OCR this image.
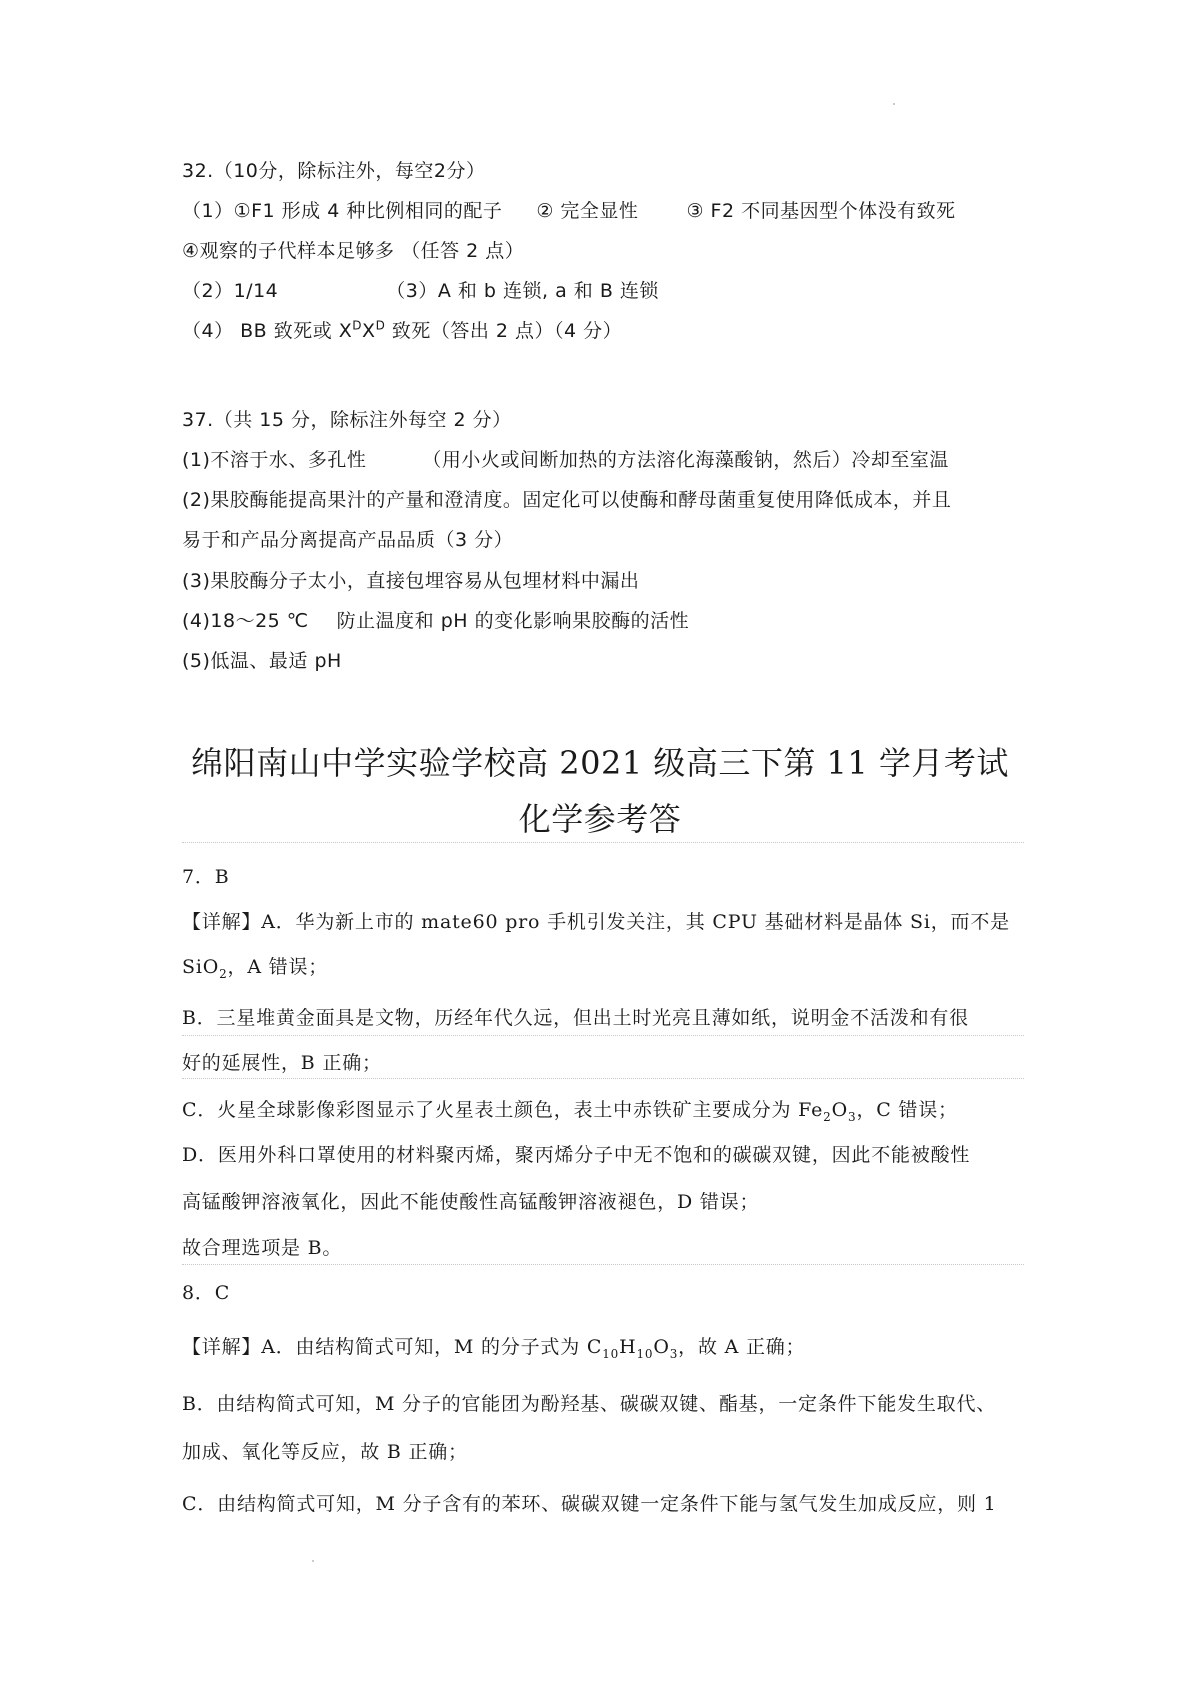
32.（10分，除标注外，每空2分）
（1）①F1 形成 4 种比例相同的配子 ② 完全显性	③ F2 不同基因型个体没有致死
④观察的子代样本足够多 （任答 2 点）
（2）1/14	（3）A 和 b 连锁, a 和 B 连锁
（4） BB 致死或 $X^DX^D$ 致死（答出 2 点）（4 分）
37.（共 15 分，除标注外每空 2 分）
(1)不溶于水、多孔性	（用小火或间断加热的方法溶化海藻酸钠，然后）冷却至室温
(2)果胶酶能提高果汁的产量和澄清度。固定化可以使酶和酵母菌重复使用降低成本，并且
易于和产品分离提高产品品质（3 分）
(3)果胶酶分子太小，直接包埋容易从包埋材料中漏出
(4)18～25 ℃ 防止温度和 pH 的变化影响果胶酶的活性
(5)低温、最适 pH
绵阳南山中学实验学校高 2021 级高三下第 11 学月考试
化学参考答
7．B
【详解】A．华为新上市的 mate60 pro 手机引发关注，其 CPU 基础材料是晶体 Si，而不是
SiO$_2$，A 错误；
B．三星堆黄金面具是文物，历经年代久远，但出土时光亮且薄如纸，说明金不活泼和有很
好的延展性，B 正确；
C．火星全球影像彩图显示了火星表土颜色，表土中赤铁矿主要成分为 $Fe_2O_3$，C 错误；
D．医用外科口罩使用的材料聚丙烯，聚丙烯分子中无不饱和的碳碳双键，因此不能被酸性
高锰酸钾溶液氧化，因此不能使酸性高锰酸钾溶液褪色，D 错误；
故合理选项是 B。
8．C
【详解】A．由结构简式可知，M 的分子式为 $C_{10}H_{10}O_3$，故 A 正确；
B．由结构简式可知，M 分子的官能团为酚羟基、碳碳双键、酯基，一定条件下能发生取代、
加成、氧化等反应，故 B 正确；
C．由结构简式可知，M 分子含有的苯环、碳碳双键一定条件下能与氢气发生加成反应，则 1
